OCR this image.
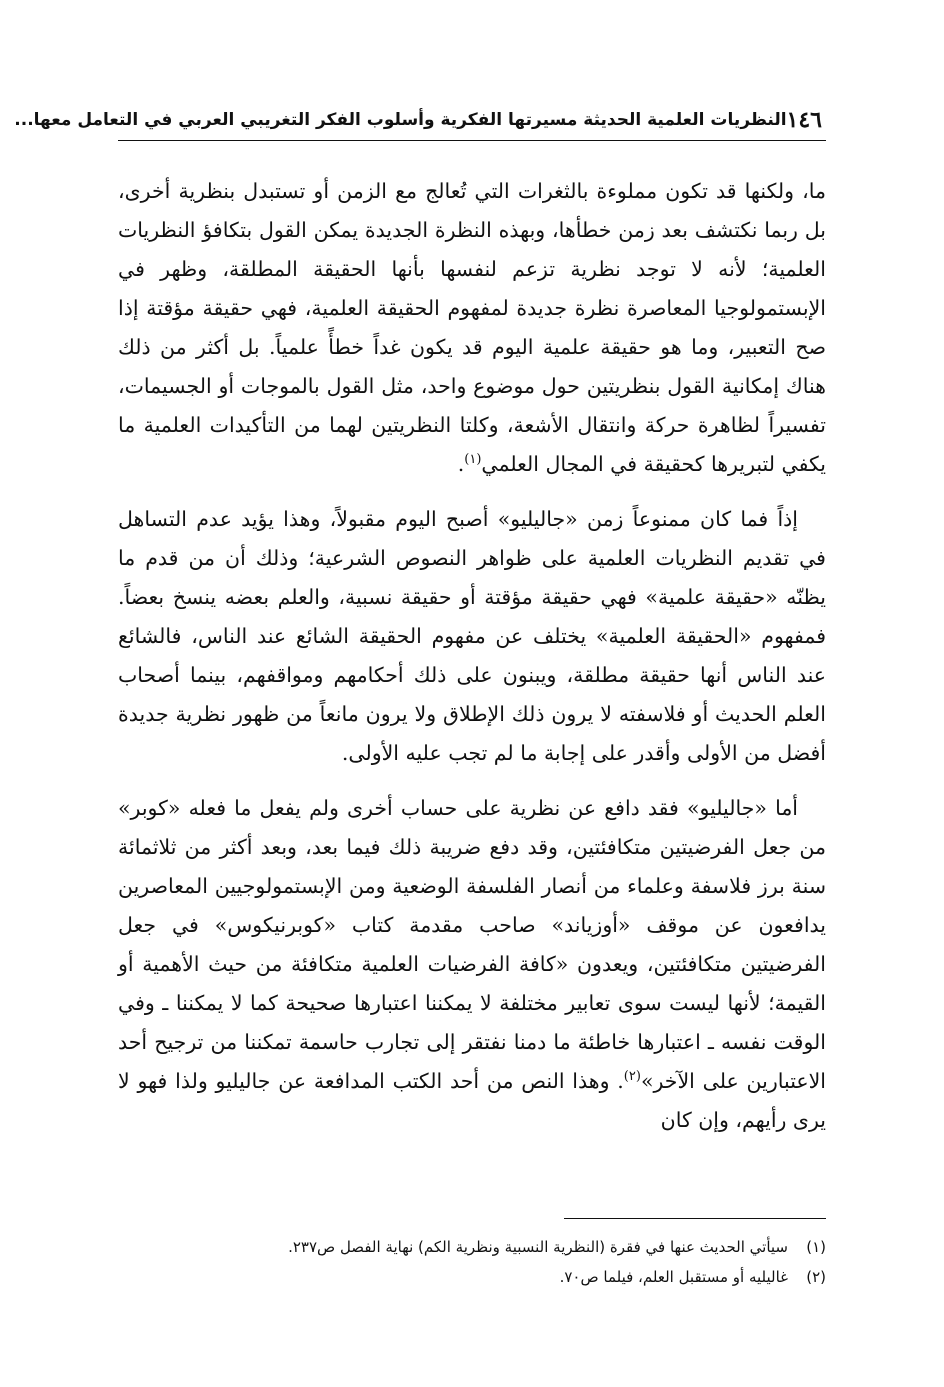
١٤٦
النظريات العلمية الحديثة مسيرتها الفكرية وأسلوب الفكر التغريبي العربي في التعامل معها...

ما، ولكنها قد تكون مملوءة بالثغرات التي تُعالج مع الزمن أو تستبدل بنظرية أخرى، بل ربما نكتشف بعد زمن خطأها، وبهذه النظرة الجديدة يمكن القول بتكافؤ النظريات العلمية؛ لأنه لا توجد نظرية تزعم لنفسها بأنها الحقيقة المطلقة، وظهر في الإبستمولوجيا المعاصرة نظرة جديدة لمفهوم الحقيقة العلمية، فهي حقيقة مؤقتة إذا صح التعبير، وما هو حقيقة علمية اليوم قد يكون غداً خطأً علمياً. بل أكثر من ذلك هناك إمكانية القول بنظريتين حول موضوع واحد، مثل القول بالموجات أو الجسيمات، تفسيراً لظاهرة حركة وانتقال الأشعة، وكلتا النظريتين لهما من التأكيدات العلمية ما يكفي لتبريرها كحقيقة في المجال العلمي$^{(١)}$.

إذاً فما كان ممنوعاً زمن «جاليليو» أصبح اليوم مقبولاً، وهذا يؤيد عدم التساهل في تقديم النظريات العلمية على ظواهر النصوص الشرعية؛ وذلك أن من قدم ما يظنّه «حقيقة علمية» فهي حقيقة مؤقتة أو حقيقة نسبية، والعلم بعضه ينسخ بعضاً. فمفهوم «الحقيقة العلمية» يختلف عن مفهوم الحقيقة الشائع عند الناس، فالشائع عند الناس أنها حقيقة مطلقة، ويبنون على ذلك أحكامهم ومواقفهم، بينما أصحاب العلم الحديث أو فلاسفته لا يرون ذلك الإطلاق ولا يرون مانعاً من ظهور نظرية جديدة أفضل من الأولى وأقدر على إجابة ما لم تجب عليه الأولى.

أما «جاليليو» فقد دافع عن نظرية على حساب أخرى ولم يفعل ما فعله «كوبر» من جعل الفرضيتين متكافئتين، وقد دفع ضريبة ذلك فيما بعد، وبعد أكثر من ثلاثمائة سنة برز فلاسفة وعلماء من أنصار الفلسفة الوضعية ومن الإبستمولوجيين المعاصرين يدافعون عن موقف «أوزياند» صاحب مقدمة كتاب «كوبرنيكوس» في جعل الفرضيتين متكافئتين، ويعدون «كافة الفرضيات العلمية متكافئة من حيث الأهمية أو القيمة؛ لأنها ليست سوى تعابير مختلفة لا يمكننا اعتبارها صحيحة كما لا يمكننا ـ وفي الوقت نفسه ـ اعتبارها خاطئة ما دمنا نفتقر إلى تجارب حاسمة تمكننا من ترجيح أحد الاعتبارين على الآخر»$^{(٢)}$. وهذا النص من أحد الكتب المدافعة عن جاليليو ولذا فهو لا يرى رأيهم، وإن كان

(١)
سيأتي الحديث عنها في فقرة (النظرية النسبية ونظرية الكم) نهاية الفصل ص٢٣٧.
(٢)
غاليليه أو مستقبل العلم، فيلما ص٧٠.
